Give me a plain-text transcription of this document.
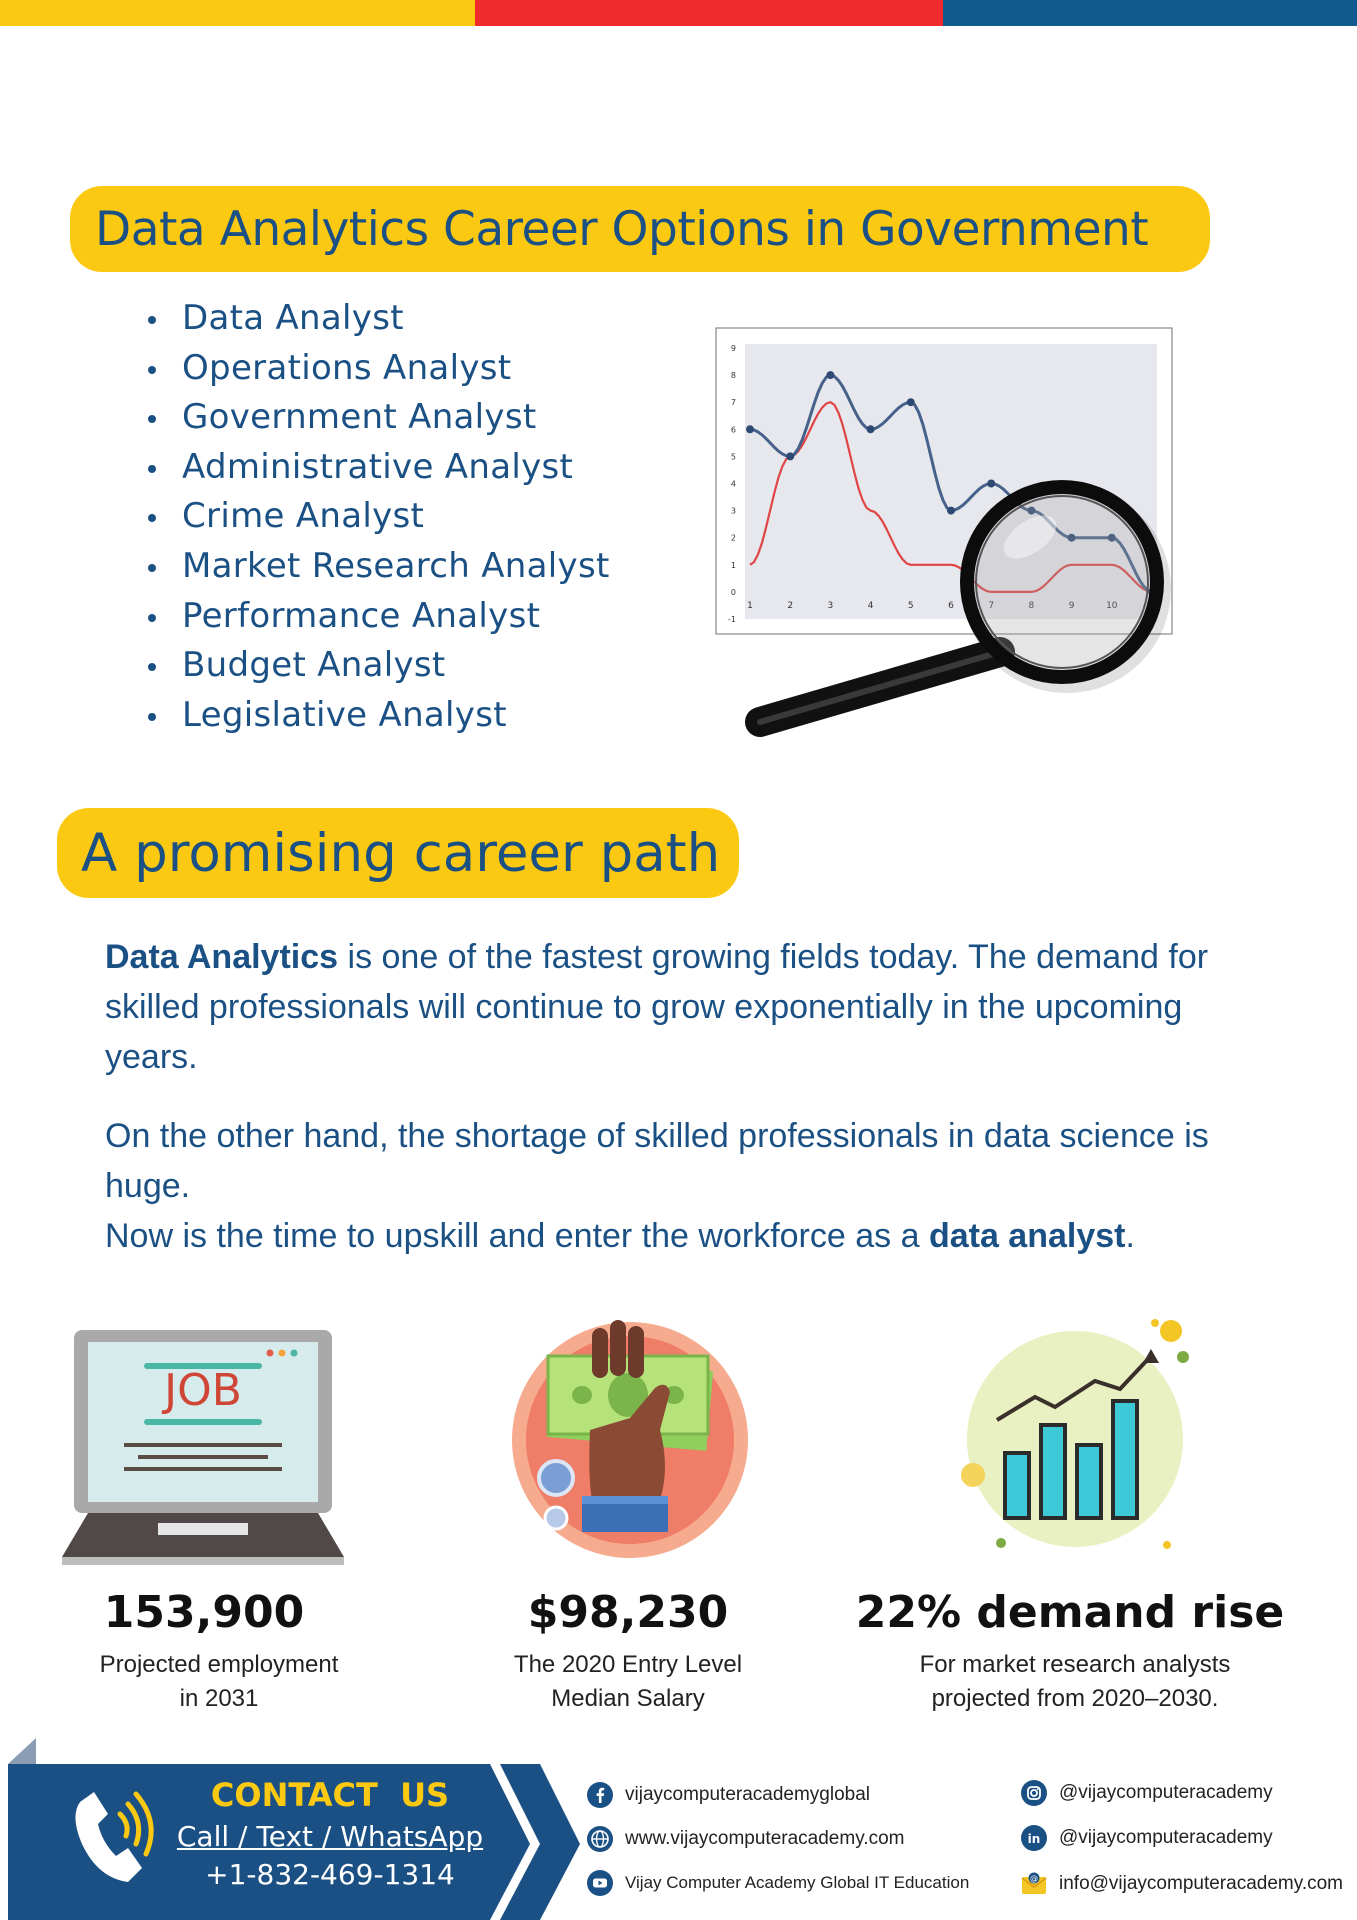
Data Analytics Career Options in Government
Data Analyst
Operations Analyst
Government Analyst
Administrative Analyst
Crime Analyst
Market Research Analyst
Performance Analyst
Budget Analyst
Legislative Analyst
-1
0
1
2
3
4
5
6
7
8
9
1	2	3	4	5	6
A promising career path
Data Analytics is one of the fastest growing fields today. The demand for skilled professionals will continue to grow exponentially in the upcoming years.
On the other hand, the shortage of skilled professionals in data science is huge.
Now is the time to upskill and enter the workforce as a data analyst.
JOB
153,900
Projected employment
in 2031
$98,230
The 2020 Entry Level
Median Salary
22% demand rise
For market research analysts
projected from 2020–2030.
CONTACT  US
Call / Text / WhatsApp
+1-832-469-1314
vijaycomputeracademyglobal
www.vijaycomputeracademy.com
Vijay Computer Academy Global IT Education
@vijaycomputeracademy
in @vijaycomputeracademy
@ info@vijaycomputeracademy.com
